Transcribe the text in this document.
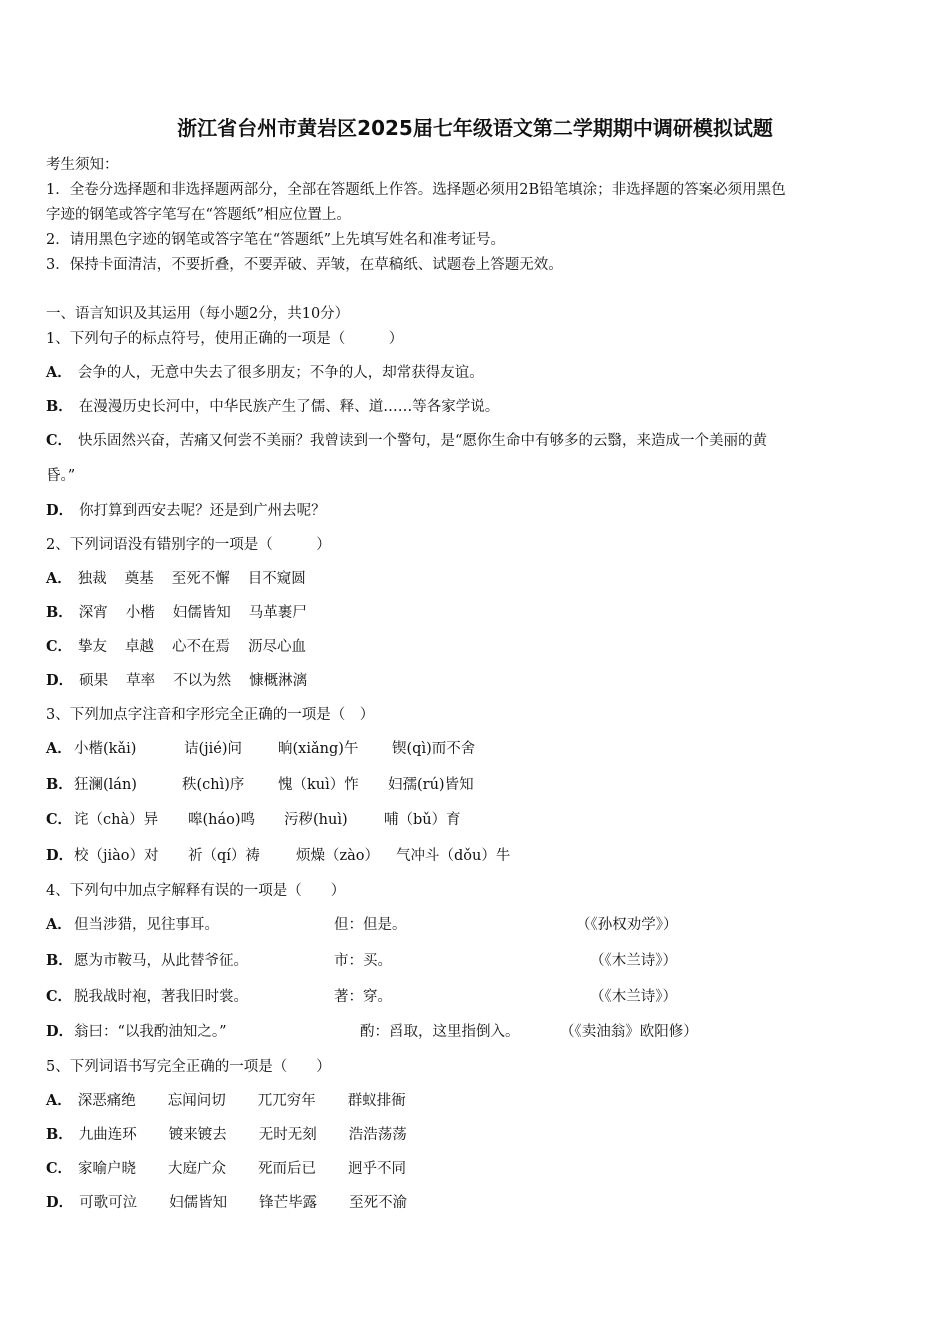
浙江省台州市黄岩区2025届七年级语文第二学期期中调研模拟试题
考生须知：
1．全卷分选择题和非选择题两部分，全部在答题纸上作答。选择题必须用2B铅笔填涂；非选择题的答案必须用黑色
字迹的钢笔或答字笔写在“答题纸”相应位置上。
2．请用黑色字迹的钢笔或答字笔在“答题纸”上先填写姓名和准考证号。
3．保持卡面清洁，不要折叠，不要弄破、弄皱，在草稿纸、试题卷上答题无效。
一、语言知识及其运用（每小题2分，共10分）
1、下列句子的标点符号，使用正确的一项是（　　　）
A． 会争的人，无意中失去了很多朋友；不争的人，却常获得友谊。
B． 在漫漫历史长河中，中华民族产生了儒、释、道……等各家学说。
C． 快乐固然兴奋，苦痛又何尝不美丽？我曾读到一个警句，是“愿你生命中有够多的云翳，来造成一个美丽的黄
昏。”
D． 你打算到西安去呢？还是到广州去呢？
2、下列词语没有错别字的一项是（　　　）
A． 独裁 奠基 至死不懈 目不窥圆
B． 深宵 小楷 妇儒皆知 马革裹尸
C． 挚友 卓越 心不在焉 沥尽心血
D． 硕果 草率 不以为然 慷概淋漓
3、下列加点字注音和字形完全正确的一项是（　）
A． 小楷(kǎi)	诘(jié)问 晌(xiǎng)午 锲(qì)而不舍
B． 狂澜(lán)	秩(chì)序 愧（kuì）怍 妇孺(rú)皆知
C． 诧（chà）异 嗥(háo)鸣 污秽(huì)	哺（bǔ）育
D． 校（jiào）对 祈（qí）祷 烦燥（zào） 气冲斗（dǒu）牛
4、下列句中加点字解释有误的一项是（　　）
A． 但当涉猎，见往事耳。	但：但是。	（《孙权劝学》）
B． 愿为市鞍马，从此替爷征。	市：买。	（《木兰诗》）
C． 脱我战时袍，著我旧时裳。	著：穿。	（《木兰诗》）
D． 翁曰：“以我酌油知之。”	酌：舀取，这里指倒入。	（《卖油翁》欧阳修）
5、下列词语书写完全正确的一项是（　　）
A． 深恶痛绝 忘闻问切 兀兀穷年 群蚁排衙
B． 九曲连环 镀来镀去 无时无刻 浩浩荡荡
C． 家喻户晓 大庭广众 死而后已 迥乎不同
D． 可歌可泣 妇儒皆知 锋芒毕露 至死不渝
